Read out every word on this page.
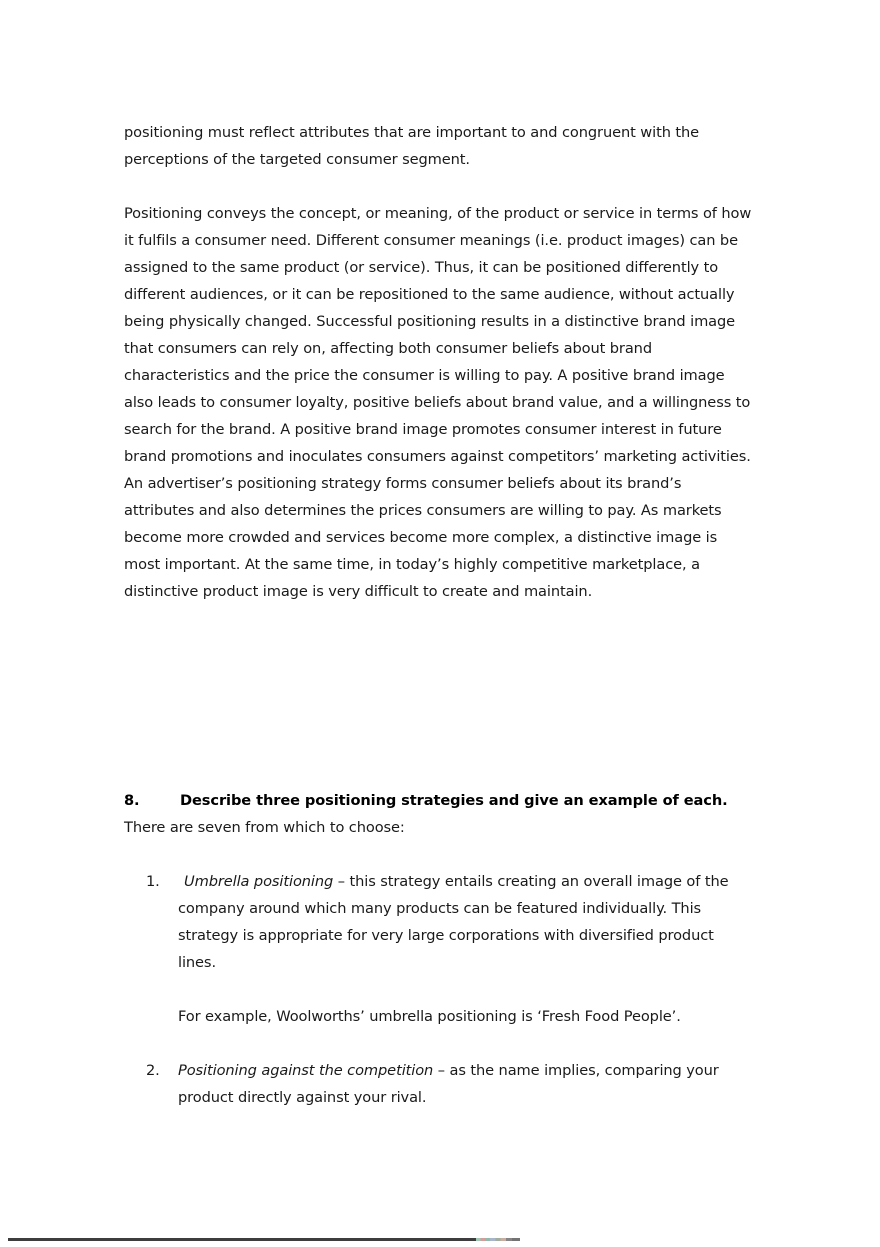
positioning must reflect attributes that are important to and congruent with the perceptions of the targeted consumer segment.

Positioning conveys the concept, or meaning, of the product or service in terms of how it fulfils a consumer need. Different consumer meanings (i.e. product images) can be assigned to the same product (or service). Thus, it can be positioned differently to different audiences, or it can be repositioned to the same audience, without actually being physically changed. Successful positioning results in a distinctive brand image that consumers can rely on, affecting both consumer beliefs about brand characteristics and the price the consumer is willing to pay. A positive brand image also leads to consumer loyalty, positive beliefs about brand value, and a willingness to search for the brand. A positive brand image promotes consumer interest in future brand promotions and inoculates consumers against competitors’ marketing activities. An advertiser’s positioning strategy forms consumer beliefs about its brand’s attributes and also determines the prices consumers are willing to pay. As markets become more crowded and services become more complex, a distinctive image is most important. At the same time, in today’s highly competitive marketplace, a distinctive product image is very difficult to create and maintain.

8.	Describe three positioning strategies and give an example of each.

There are seven from which to choose:

1. Umbrella positioning – this strategy entails creating an overall image of the company around which many products can be featured individually. This strategy is appropriate for very large corporations with diversified product lines.

For example, Woolworths’ umbrella positioning is ‘Fresh Food People’.

2. Positioning against the competition – as the name implies, comparing your product directly against your rival.
